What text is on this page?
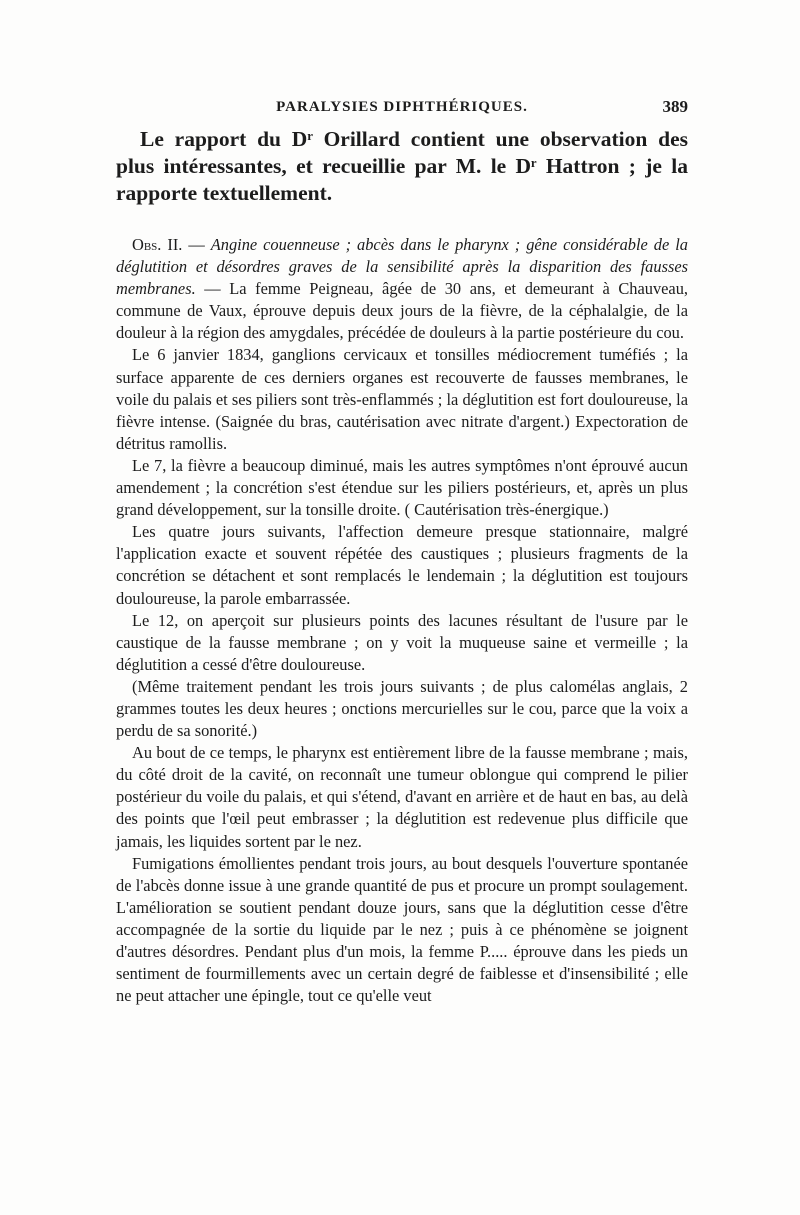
PARALYSIES DIPHTHÉRIQUES.	389

Le rapport du Dʳ Orillard contient une observation des plus intéressantes, et recueillie par M. le Dʳ Hattron ; je la rapporte textuellement.

Obs. II. — Angine couenneuse ; abcès dans le pharynx ; gêne considérable de la déglutition et désordres graves de la sensibilité après la disparition des fausses membranes. — La femme Peigneau, âgée de 30 ans, et demeurant à Chauveau, commune de Vaux, éprouve depuis deux jours de la fièvre, de la céphalalgie, de la douleur à la région des amygdales, précédée de douleurs à la partie postérieure du cou.

Le 6 janvier 1834, ganglions cervicaux et tonsilles médiocrement tuméfiés ; la surface apparente de ces derniers organes est recouverte de fausses membranes, le voile du palais et ses piliers sont très-enflammés ; la déglutition est fort douloureuse, la fièvre intense. (Saignée du bras, cautérisation avec nitrate d'argent.) Expectoration de détritus ramollis.

Le 7, la fièvre a beaucoup diminué, mais les autres symptômes n'ont éprouvé aucun amendement ; la concrétion s'est étendue sur les piliers postérieurs, et, après un plus grand développement, sur la tonsille droite. ( Cautérisation très-énergique.)

Les quatre jours suivants, l'affection demeure presque stationnaire, malgré l'application exacte et souvent répétée des caustiques ; plusieurs fragments de la concrétion se détachent et sont remplacés le lendemain ; la déglutition est toujours douloureuse, la parole embarrassée.

Le 12, on aperçoit sur plusieurs points des lacunes résultant de l'usure par le caustique de la fausse membrane ; on y voit la muqueuse saine et vermeille ; la déglutition a cessé d'être douloureuse.

(Même traitement pendant les trois jours suivants ; de plus calomélas anglais, 2 grammes toutes les deux heures ; onctions mercurielles sur le cou, parce que la voix a perdu de sa sonorité.)

Au bout de ce temps, le pharynx est entièrement libre de la fausse membrane ; mais, du côté droit de la cavité, on reconnaît une tumeur oblongue qui comprend le pilier postérieur du voile du palais, et qui s'étend, d'avant en arrière et de haut en bas, au delà des points que l'œil peut embrasser ; la déglutition est redevenue plus difficile que jamais, les liquides sortent par le nez.

Fumigations émollientes pendant trois jours, au bout desquels l'ouverture spontanée de l'abcès donne issue à une grande quantité de pus et procure un prompt soulagement. L'amélioration se soutient pendant douze jours, sans que la déglutition cesse d'être accompagnée de la sortie du liquide par le nez ; puis à ce phénomène se joignent d'autres désordres. Pendant plus d'un mois, la femme P..... éprouve dans les pieds un sentiment de fourmillements avec un certain degré de faiblesse et d'insensibilité ; elle ne peut attacher une épingle, tout ce qu'elle veut
